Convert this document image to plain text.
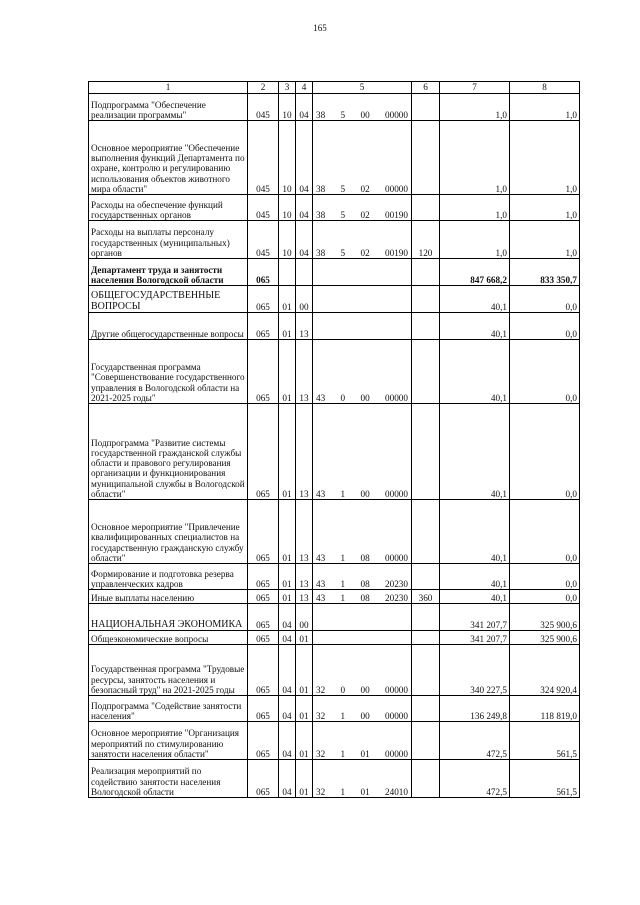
165
1	2	3	4	5	6	7	8
Подпрограмма "Обеспечение реализации программы"	045	10	04	38 5 00 00000		1,0	1,0
Основное мероприятие "Обеспечение выполнения функций Департамента по охране, контролю и регулированию использования объектов животного мира области"	045	10	04	38 5 02 00000		1,0	1,0
Расходы на обеспечение функций государственных органов	045	10	04	38 5 02 00190		1,0	1,0
Расходы на выплаты персоналу государственных (муниципальных) органов	045	10	04	38 5 02 00190	120	1,0	1,0
Департамент труда и занятости населения Вологодской области	065					847 668,2	833 350,7
ОБЩЕГОСУДАРСТВЕННЫЕ ВОПРОСЫ	065	01	00			40,1	0,0
Другие общегосударственные вопросы	065	01	13			40,1	0,0
Государственная программа "Совершенствование государственного управления в Вологодской области на 2021-2025 годы"	065	01	13	43 0 00 00000		40,1	0,0
Подпрограмма "Развитие системы государственной гражданской службы области и правового регулирования организации и функционирования муниципальной службы в Вологодской области"	065	01	13	43 1 00 00000		40,1	0,0
Основное мероприятие "Привлечение квалифицированных специалистов на государственную гражданскую службу области"	065	01	13	43 1 08 00000		40,1	0,0
Формирование и подготовка резерва управленческих кадров	065	01	13	43 1 08 20230		40,1	0,0
Иные выплаты населению	065	01	13	43 1 08 20230	360	40,1	0,0
НАЦИОНАЛЬНАЯ ЭКОНОМИКА	065	04	00			341 207,7	325 900,6
Общеэкономические вопросы	065	04	01			341 207,7	325 900,6
Государственная программа "Трудовые ресурсы, занятость населения и безопасный труд" на 2021-2025 годы	065	04	01	32 0 00 00000		340 227,5	324 920,4
Подпрограмма "Содействие занятости населения"	065	04	01	32 1 00 00000		136 249,8	118 819,0
Основное мероприятие "Организация мероприятий по стимулированию занятости населения области"	065	04	01	32 1 01 00000		472,5	561,5
Реализация мероприятий по содействию занятости населения Вологодской области	065	04	01	32 1 01 24010		472,5	561,5
